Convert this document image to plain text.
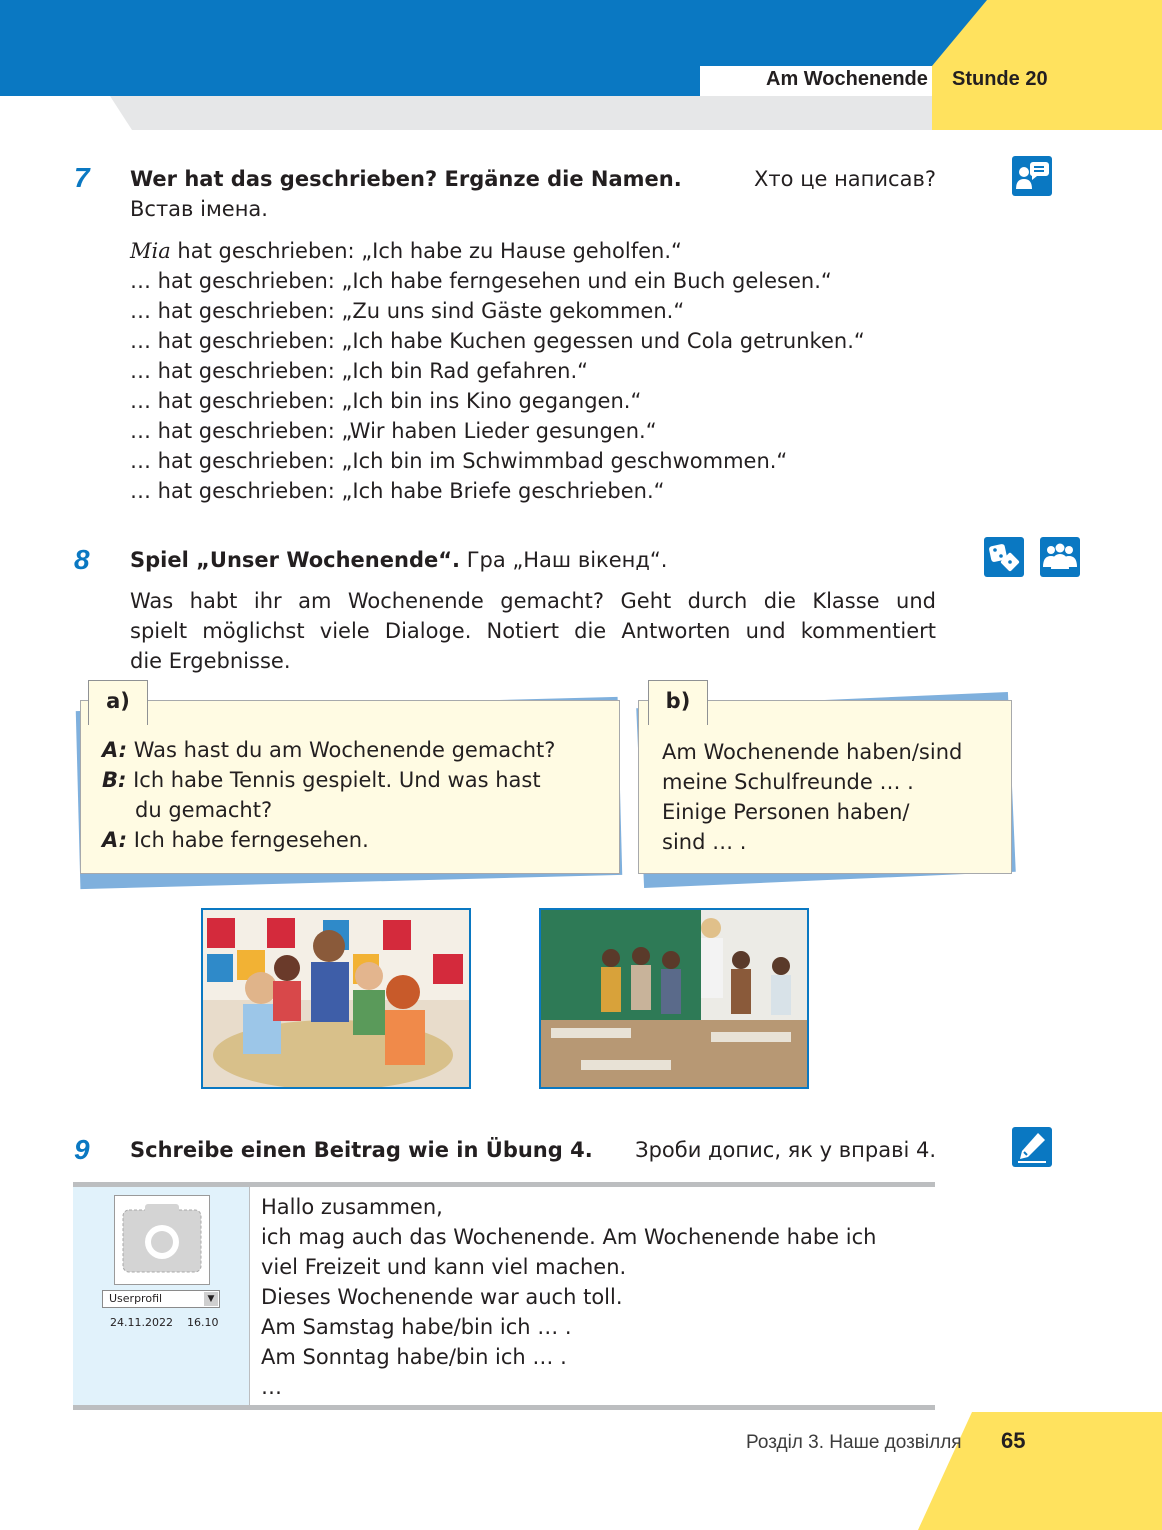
Am Wochenende Stunde 20
7 Wer hat das geschrieben? Ergänze die Namen.	Хто це написав?
Встав імена.
Mia hat geschrieben: „Ich habe zu Hause geholfen.“
… hat geschrieben: „Ich habe ferngesehen und ein Buch gelesen.“
… hat geschrieben: „Zu uns sind Gäste gekommen.“
… hat geschrieben: „Ich habe Kuchen gegessen und Cola getrunken.“
… hat geschrieben: „Ich bin Rad gefahren.“
… hat geschrieben: „Ich bin ins Kino gegangen.“
… hat geschrieben: „Wir haben Lieder gesungen.“
… hat geschrieben: „Ich bin im Schwimmbad geschwommen.“
… hat geschrieben: „Ich habe Briefe geschrieben.“
8 Spiel „Unser Wochenende“. Гра „Наш вікенд“.
Was habt ihr am Wochenende gemacht? Geht durch die Klasse und
spielt möglichst viele Dialoge. Notiert die Antworten und kommentiert
die Ergebnisse.
a)
A: Was hast du am Wochenende gemacht?
B: Ich habe Tennis gespielt. Und was hast
du gemacht?
A: Ich habe ferngesehen.
b)
Am Wochenende haben/sind
meine Schulfreunde … .
Einige Personen haben/
sind … .
9 Schreibe einen Beitrag wie in Übung 4. Зроби допис, як у вправі 4.
Userprofil	▼
24.11.2022 16.10
Hallo zusammen,
ich mag auch das Wochenende. Am Wochenende habe ich
viel Freizeit und kann viel machen.
Dieses Wochenende war auch toll.
Am Samstag habe/bin ich … .
Am Sonntag habe/bin ich … .
…
Розділ 3. Наше дозвілля 65
